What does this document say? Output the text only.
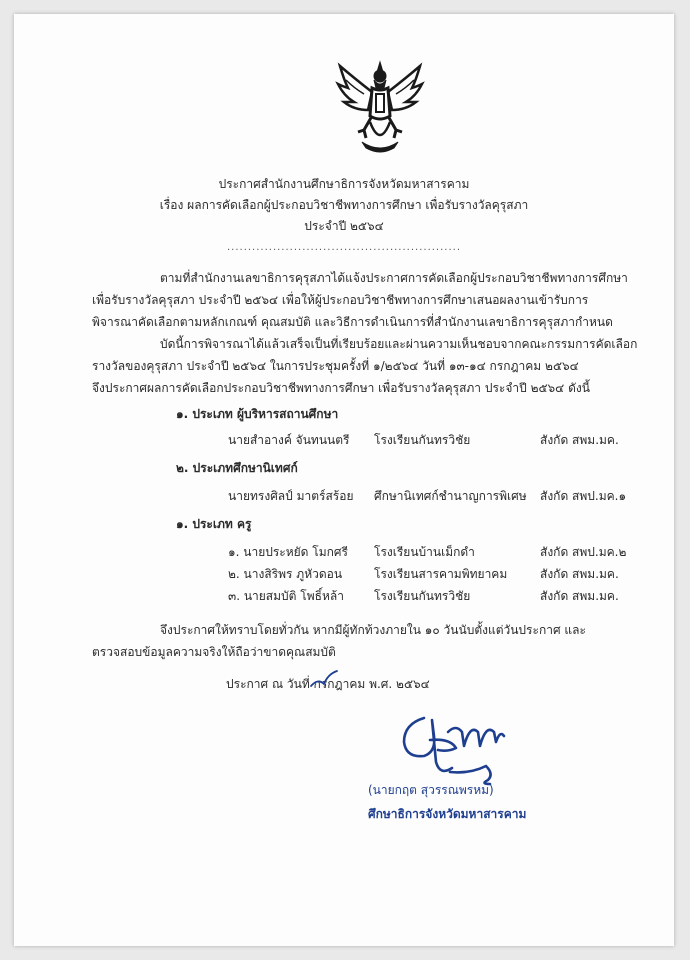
ประกาศสำนักงานศึกษาธิการจังหวัดมหาสารคาม
เรื่อง ผลการคัดเลือกผู้ประกอบวิชาชีพทางการศึกษา เพื่อรับรางวัลคุรุสภา
ประจำปี ๒๕๖๔
........................................................
ตามที่สำนักงานเลขาธิการคุรุสภาได้แจ้งประกาศการคัดเลือกผู้ประกอบวิชาชีพทางการศึกษา
เพื่อรับรางวัลคุรุสภา ประจำปี ๒๕๖๔ เพื่อให้ผู้ประกอบวิชาชีพทางการศึกษาเสนอผลงานเข้ารับการ
พิจารณาคัดเลือกตามหลักเกณฑ์ คุณสมบัติ และวิธีการดำเนินการที่สำนักงานเลขาธิการคุรุสภากำหนด
บัดนี้การพิจารณาได้แล้วเสร็จเป็นที่เรียบร้อยและผ่านความเห็นชอบจากคณะกรรมการคัดเลือก
รางวัลของคุรุสภา ประจำปี ๒๕๖๔ ในการประชุมครั้งที่ ๑/๒๕๖๔ วันที่ ๑๓-๑๔ กรกฎาคม ๒๕๖๔
จึงประกาศผลการคัดเลือกประกอบวิชาชีพทางการศึกษา เพื่อรับรางวัลคุรุสภา ประจำปี ๒๕๖๔ ดังนี้
๑. ประเภท ผู้บริหารสถานศึกษา
นายสำอางค์ จันทนนตรี โรงเรียนกันทรวิชัย	สังกัด สพม.มค.
๒. ประเภทศึกษานิเทศก์
นายทรงศิลป์ มาตร์สร้อย ศึกษานิเทศก์ชำนาญการพิเศษ สังกัด สพป.มค.๑
๑. ประเภท ครู
๑. นายประหยัด โมกศรี โรงเรียนบ้านเม็กดำ	สังกัด สพป.มค.๒
๒. นางสิริพร ภูหัวดอน	โรงเรียนสารคามพิทยาคม	สังกัด สพม.มค.
๓. นายสมบัติ โพธิ์หล้า	โรงเรียนกันทรวิชัย	สังกัด สพม.มค.
จึงประกาศให้ทราบโดยทั่วกัน หากมีผู้ทักท้วงภายใน ๑๐ วันนับตั้งแต่วันประกาศ และ
ตรวจสอบข้อมูลความจริงให้ถือว่าขาดคุณสมบัติ
ประกาศ ณ วันที่ กรกฎาคม พ.ศ. ๒๕๖๔
(นายกฤต สุวรรณพรหม)
ศึกษาธิการจังหวัดมหาสารคาม
